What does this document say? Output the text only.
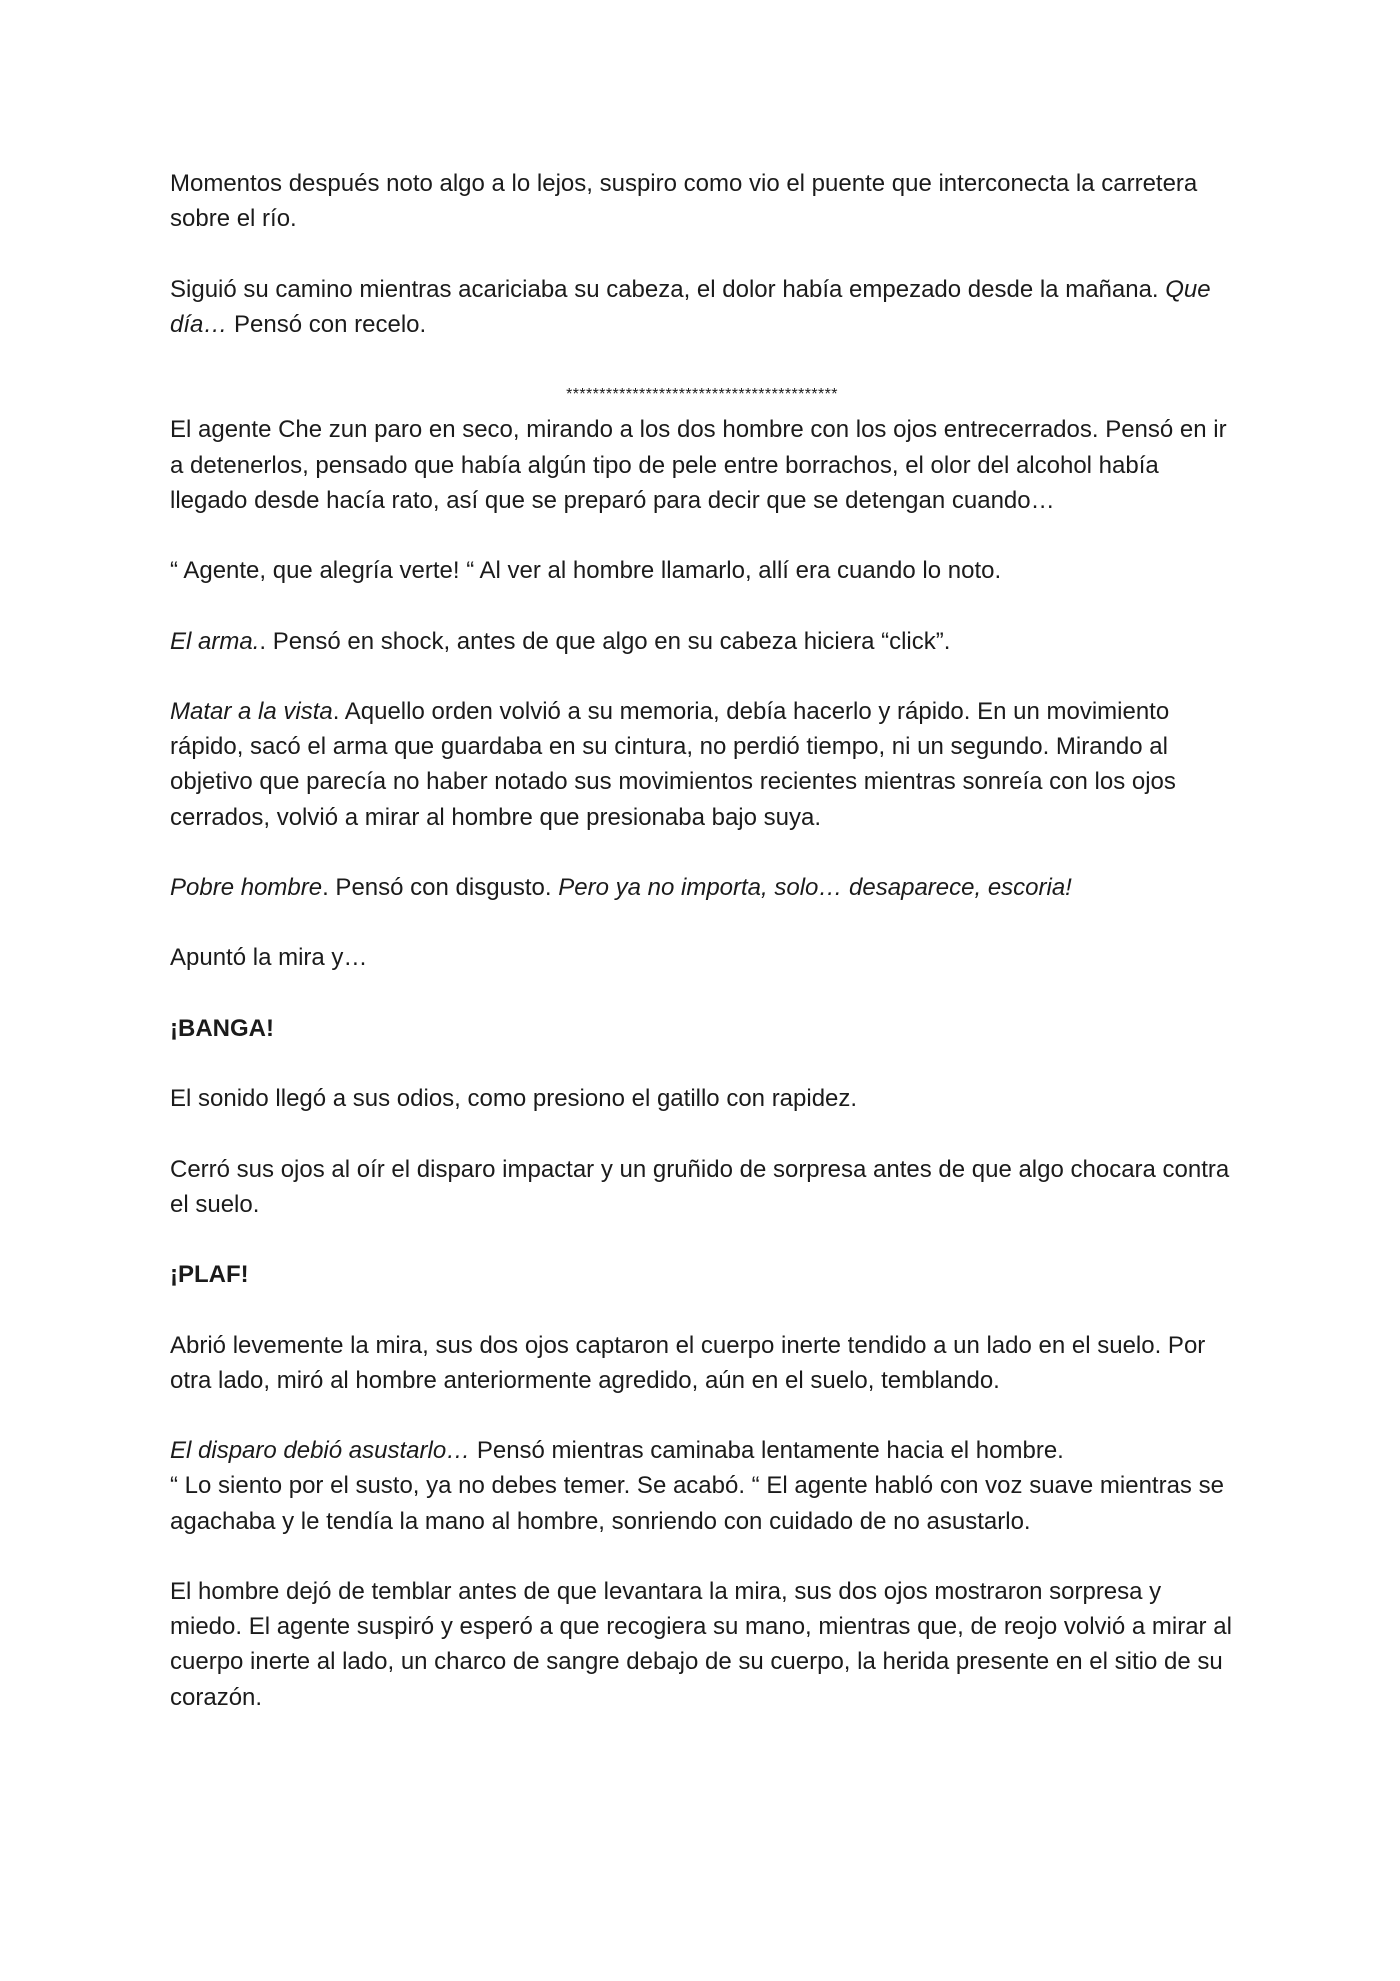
Momentos después noto algo a lo lejos, suspiro como vio el puente que interconecta la carretera sobre el río.

Siguió su camino mientras acariciaba su cabeza, el dolor había empezado desde la mañana. Que día… Pensó con recelo.

*****************************************

El agente Che zun paro en seco, mirando a los dos hombre con los ojos entrecerrados. Pensó en ir a detenerlos, pensado que había algún tipo de pele entre borrachos, el olor del alcohol había llegado desde hacía rato, así que se preparó para decir que se detengan cuando…

“ Agente, que alegría verte! “ Al ver al hombre llamarlo, allí era cuando lo noto.

El arma.. Pensó en shock, antes de que algo en su cabeza hiciera “click”.

Matar a la vista. Aquello orden volvió a su memoria, debía hacerlo y rápido. En un movimiento rápido, sacó el arma que guardaba en su cintura, no perdió tiempo, ni un segundo. Mirando al objetivo que parecía no haber notado sus movimientos recientes mientras sonreía con los ojos cerrados, volvió a mirar al hombre que presionaba bajo suya.

Pobre hombre. Pensó con disgusto. Pero ya no importa, solo… desaparece, escoria!

Apuntó la mira y…

¡BANGA!

El sonido llegó a sus odios, como presiono el gatillo con rapidez.

Cerró sus ojos al oír el disparo impactar y un gruñido de sorpresa antes de que algo chocara contra el suelo.

¡PLAF!

Abrió levemente la mira, sus dos ojos captaron el cuerpo inerte tendido a un lado en el suelo. Por otra lado, miró al hombre anteriormente agredido, aún en el suelo, temblando.

El disparo debió asustarlo… Pensó mientras caminaba lentamente hacia el hombre.

“ Lo siento por el susto, ya no debes temer. Se acabó. “ El agente habló con voz suave mientras se agachaba y le tendía la mano al hombre, sonriendo con cuidado de no asustarlo.

El hombre dejó de temblar antes de que levantara la mira, sus dos ojos mostraron sorpresa y miedo. El agente suspiró y esperó a que recogiera su mano, mientras que, de reojo volvió a mirar al cuerpo inerte al lado, un charco de sangre debajo de su cuerpo, la herida presente en el sitio de su corazón.
